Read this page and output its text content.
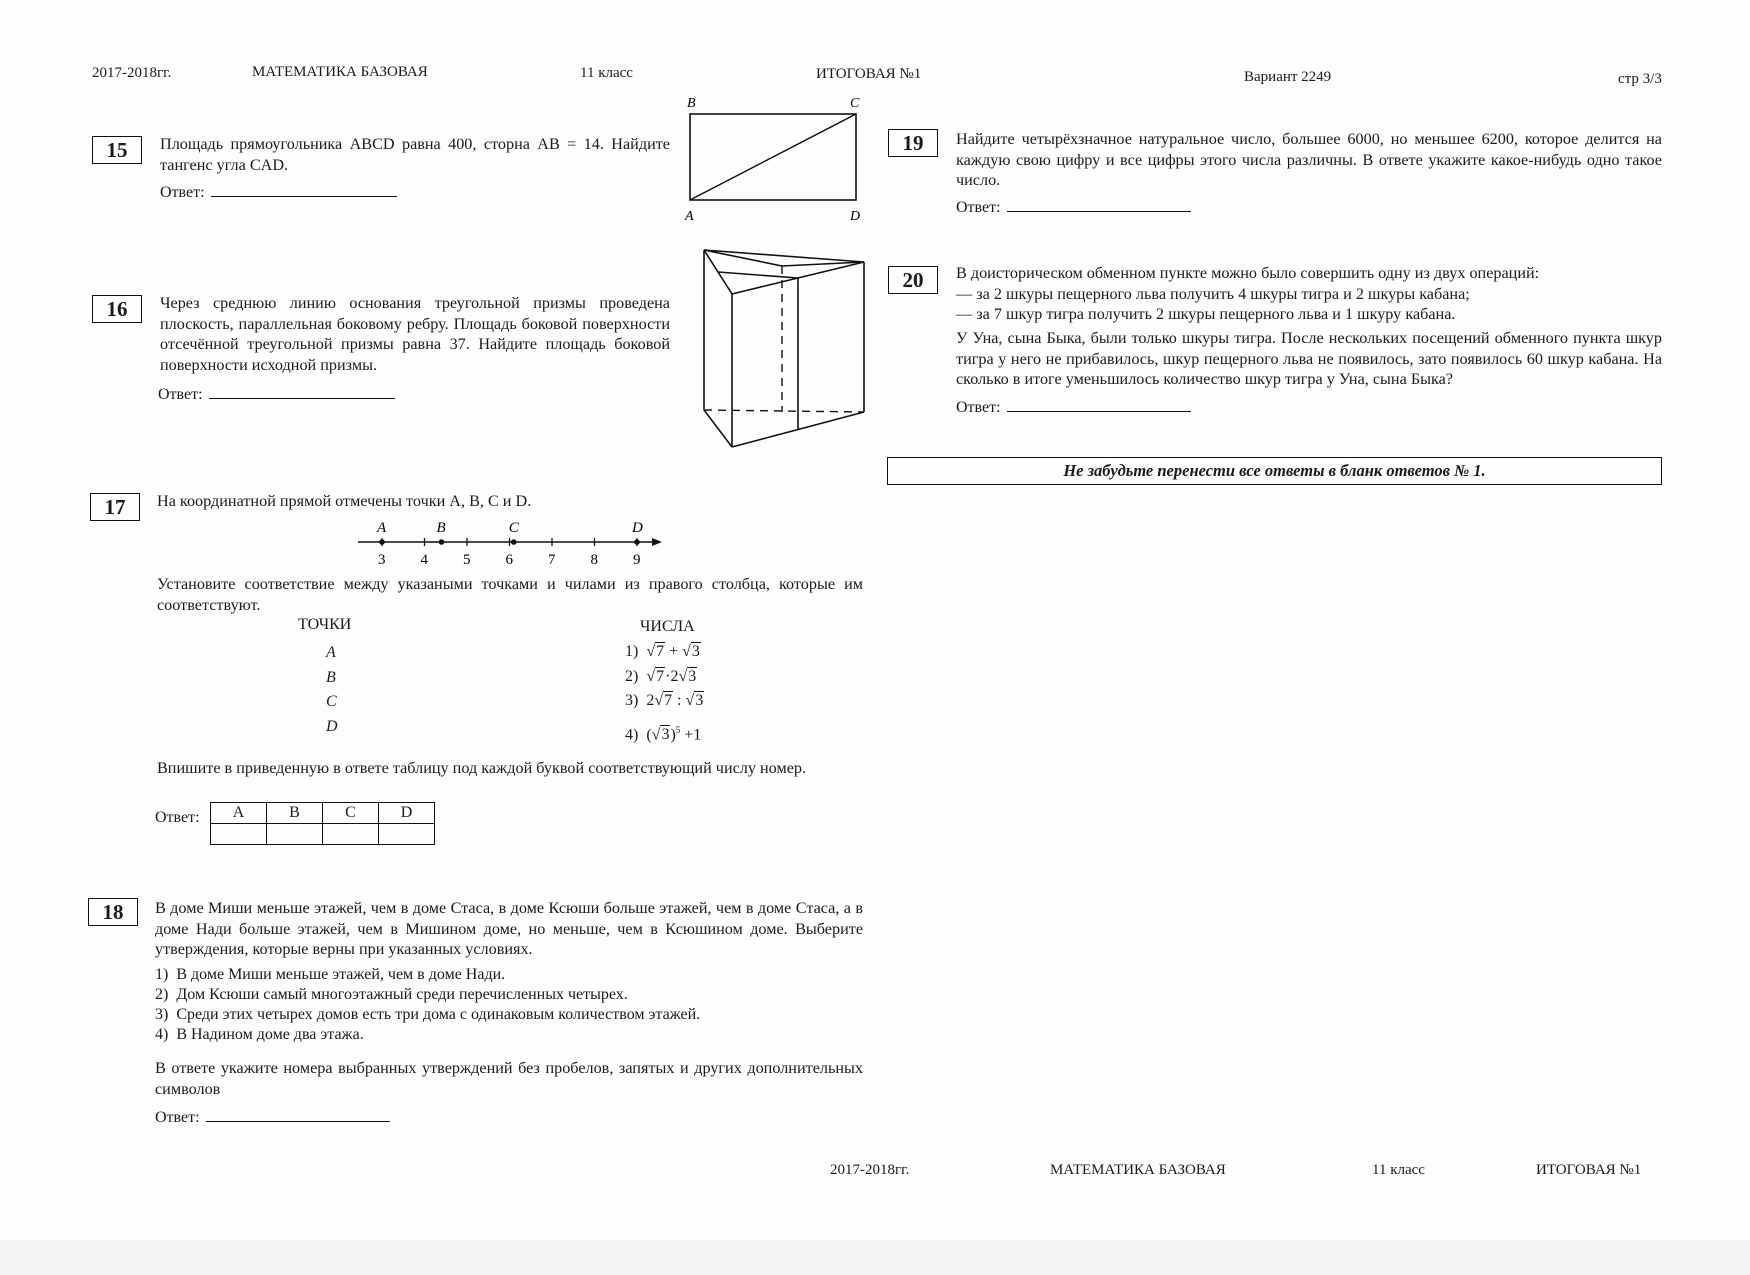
2017-2018гг.	МАТЕМАТИКА БАЗОВАЯ	11 класс	ИТОГОВАЯ №1	Вариант 2249	стр 3/3
15	Площадь прямоугольника ABCD равна 400, сторна AB = 14. Найдите тангенс угла CAD.
Ответ:
B	C
A	D
16	Через среднюю линию основания треугольной призмы проведена плоскость, параллельная боковому ребру. Площадь боковой поверхности отсечённой треугольной призмы равна 37. Найдите площадь боковой поверхности исходной призмы.
Ответ:
17	На координатной прямой отмечены точки A, B, C и D.
3 4 5 6 7 8 9
A	B	C	D
Установите соответствие между указаными точками и чилами из правого столбца, которые им соответствуют.
ТОЧКИ	ЧИСЛА
A
B
C
D
1)  √7 + √3
2)  √7·2√3
3)  2√7 : √3
4)  $(√3)^5 +1$
Впишите в приведенную в ответе таблицу под каждой буквой соответствующий числу номер.
Ответ: A	B	C	D

18	В доме Миши меньше этажей, чем в доме Стаса, в доме Ксюши больше этажей, чем в доме Стаса, а в доме Нади больше этажей, чем в Мишином доме, но меньше, чем в Ксюшином доме. Выберите утверждения, которые верны при указанных условиях.
1) В доме Миши меньше этажей, чем в доме Нади.
2) Дом Ксюши самый многоэтажный среди перечисленных четырех.
3) Среди этих четырех домов есть три дома с одинаковым количеством этажей.
4) В Надином доме два этажа.
В ответе укажите номера выбранных утверждений без пробелов, запятых и других дополнительных символов
Ответ:
19	Найдите четырёхзначное натуральное число, большее 6000, но меньшее 6200, которое делится на каждую свою цифру и все цифры этого числа различны. В ответе укажите какое-нибудь одно такое число.
Ответ:
20	В доисторическом обменном пункте можно было совершить одну из двух операций:
— за 2 шкуры пещерного льва получить 4 шкуры тигра и 2 шкуры кабана;
— за 7 шкур тигра получить 2 шкуры пещерного льва и 1 шкуру кабана.
У Уна, сына Быка, были только шкуры тигра. После нескольких посещений обменного пункта шкур тигра у него не прибавилось, шкур пещерного льва не появилось, зато появилось 60 шкур кабана. На сколько в итоге уменьшилось количество шкур тигра у Уна, сына Быка?
Ответ:
Не забудьте перенести все ответы в бланк ответов № 1.
2017-2018гг.	МАТЕМАТИКА БАЗОВАЯ	11 класс	ИТОГОВАЯ №1
